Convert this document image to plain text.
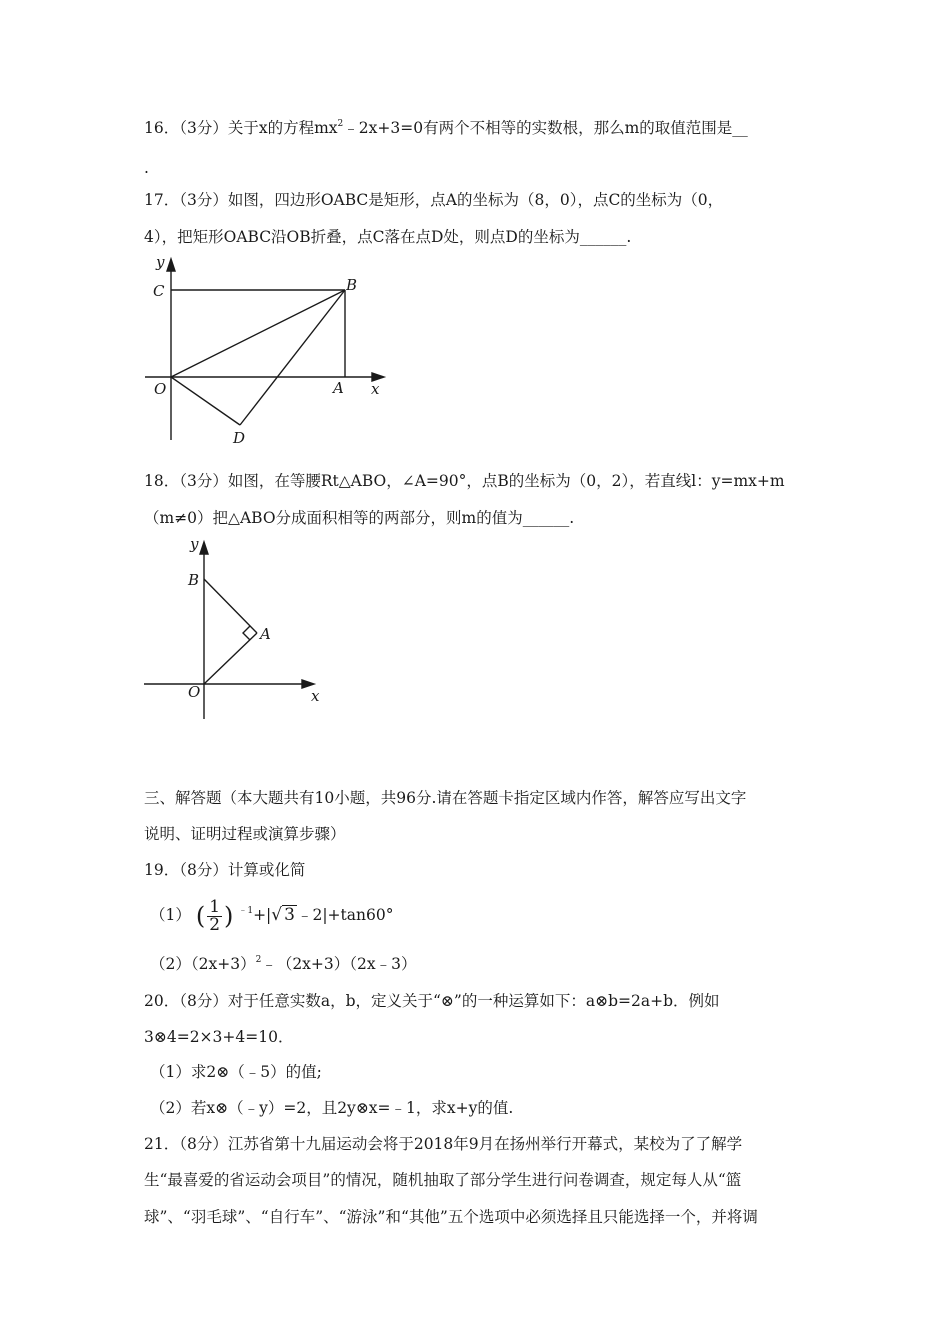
16．（3分）关于x的方程$mx^2﹣2x+3=0$有两个不相等的实数根，那么m的取值范围是__
.
17．（3分）如图，四边形OABC是矩形，点A的坐标为（8，0），点C的坐标为（0，
4），把矩形OABC沿OB折叠，点C落在点D处，则点D的坐标为______.
y
C	B
O	A x
D
18．（3分）如图，在等腰Rt△ABO，∠A=90°，点B的坐标为（0，2），若直线l：y=mx+m
（m≠0）把△ABO分成面积相等的两部分，则m的值为______.
y
B
A
O	x
三、解答题（本大题共有10小题，共96分.请在答题卡指定区域内作答，解答应写出文字
说明、证明过程或演算步骤）
19．（8分）计算或化简
（1） ( $\frac{1}{2}$ ) $^{﹣1}$+|√ 3 ﹣2|+tan60°
$(2)(2x+3)^2﹣(2x+3)(2x﹣3)$
20．（8分）对于任意实数a，b，定义关于“⊗”的一种运算如下：a⊗b=2a+b．例如
3⊗4=2×3+4=10．
（1）求2⊗（﹣5）的值;
（2）若x⊗（﹣y）=2，且2y⊗x=﹣1，求x+y的值.
21．（8分）江苏省第十九届运动会将于2018年9月在扬州举行开幕式，某校为了了解学
生“最喜爱的省运动会项目”的情况，随机抽取了部分学生进行问卷调查，规定每人从“篮
球”、“羽毛球”、“自行车”、“游泳”和“其他”五个选项中必须选择且只能选择一个，并将调
